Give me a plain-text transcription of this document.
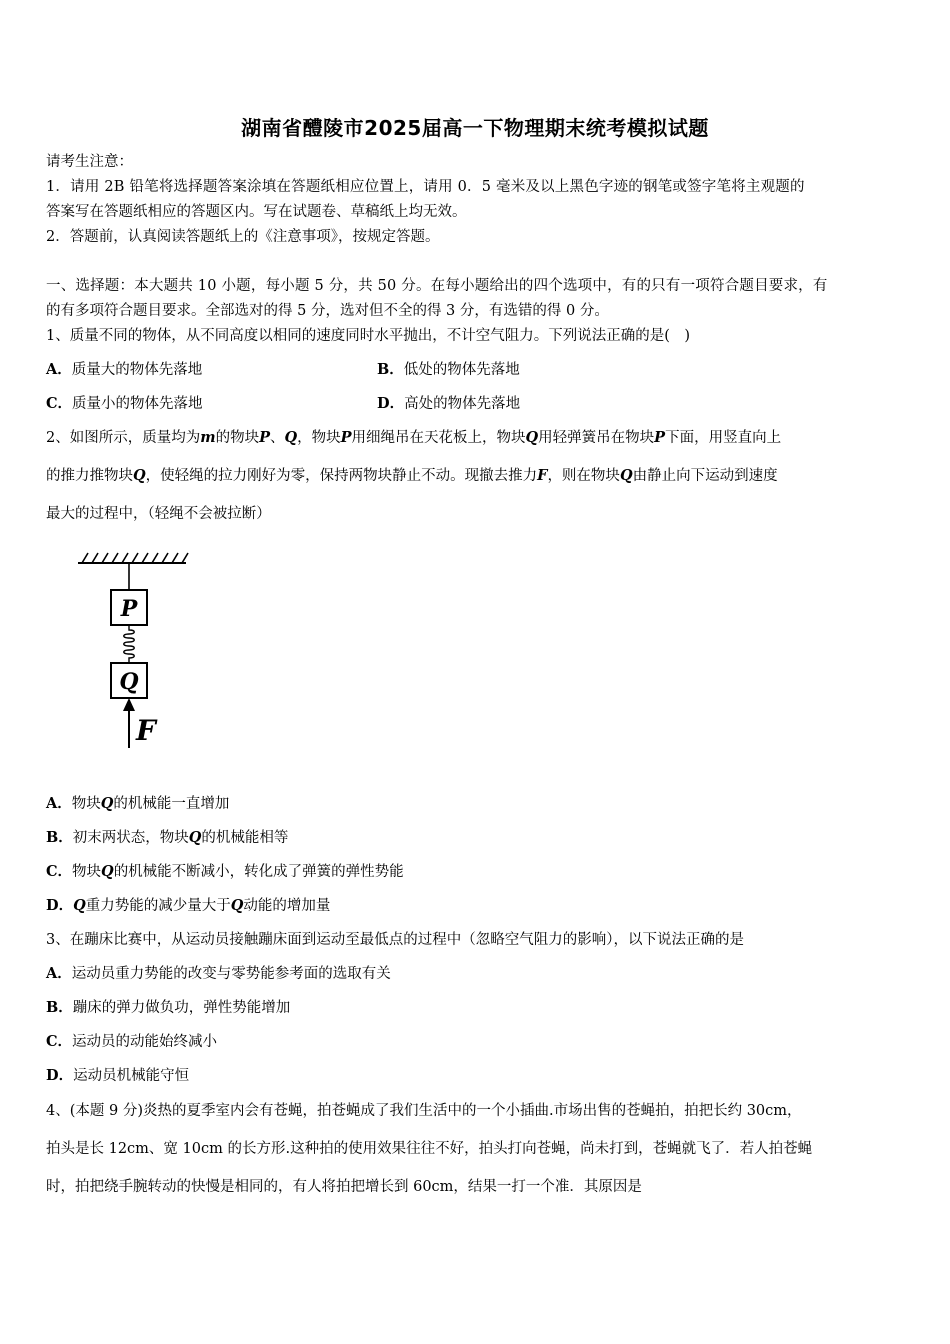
湖南省醴陵市2025届高一下物理期末统考模拟试题
请考生注意：
1．请用 2B 铅笔将选择题答案涂填在答题纸相应位置上，请用 0．5 毫米及以上黑色字迹的钢笔或签字笔将主观题的
答案写在答题纸相应的答题区内。写在试题卷、草稿纸上均无效。
2．答题前，认真阅读答题纸上的《注意事项》，按规定答题。
一、选择题：本大题共 10 小题，每小题 5 分，共 50 分。在每小题给出的四个选项中，有的只有一项符合题目要求，有
的有多项符合题目要求。全部选对的得 5 分，选对但不全的得 3 分，有选错的得 0 分。
1、质量不同的物体，从不同高度以相同的速度同时水平抛出，不计空气阻力。下列说法正确的是(　)
A．质量大的物体先落地	B．低处的物体先落地
C．质量小的物体先落地	D．高处的物体先落地
2、如图所示，质量均为m的物块P、Q，物块P用细绳吊在天花板上，物块Q用轻弹簧吊在物块P下面，用竖直向上
的推力推物块Q，使轻绳的拉力刚好为零，保持两物块静止不动。现撤去推力F，则在物块Q由静止向下运动到速度
最大的过程中，（轻绳不会被拉断）
P
Q
F
A．物块Q的机械能一直增加
B．初末两状态，物块Q的机械能相等
C．物块Q的机械能不断减小，转化成了弹簧的弹性势能
D．Q重力势能的减少量大于Q动能的增加量
3、在蹦床比赛中，从运动员接触蹦床面到运动至最低点的过程中（忽略空气阻力的影响），以下说法正确的是
A．运动员重力势能的改变与零势能参考面的选取有关
B．蹦床的弹力做负功，弹性势能增加
C．运动员的动能始终减小
D．运动员机械能守恒
4、(本题 9 分)炎热的夏季室内会有苍蝇，拍苍蝇成了我们生活中的一个小插曲.市场出售的苍蝇拍，拍把长约 30cm，
拍头是长 12cm、宽 10cm 的长方形.这种拍的使用效果往往不好，拍头打向苍蝇，尚未打到，苍蝇就飞了．若人拍苍蝇
时，拍把绕手腕转动的快慢是相同的，有人将拍把增长到 60cm，结果一打一个准．其原因是
